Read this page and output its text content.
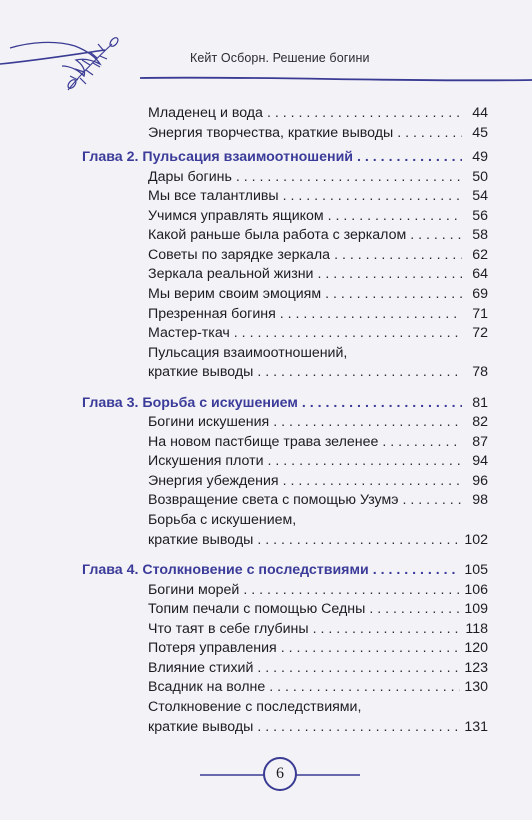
Кейт Осборн. Решение богини
Младенец и вода . . .	44
Энергия творчества, краткие выводы . . .	45
Глава 2. Пульсация взаимоотношений . . .	49
Дары богинь . . .	50
Мы все талантливы . . .	54
Учимся управлять ящиком . . .	56
Какой раньше была работа с зеркалом . . .	58
Советы по зарядке зеркала . . .	62
Зеркала реальной жизни . . .	64
Мы верим своим эмоциям . . .	69
Презренная богиня . . .	71
Мастер-ткач . . .	72
Пульсация взаимоотношений,
краткие выводы . . .	78
Глава 3. Борьба с искушением . . .	81
Богини искушения . . .	82
На новом пастбище трава зеленее . . .	87
Искушения плоти . . .	94
Энергия убеждения . . .	96
Возвращение света с помощью Узумэ . . .	98
Борьба с искушением,
краткие выводы . . .	102
Глава 4. Столкновение с последствиями . . .	105
Богини морей . . .	106
Топим печали с помощью Седны . . .	109
Что таят в себе глубины . . .	118
Потеря управления . . .	120
Влияние стихий . . .	123
Всадник на волне . . .	130
Столкновение с последствиями,
краткие выводы . . .	131
6
